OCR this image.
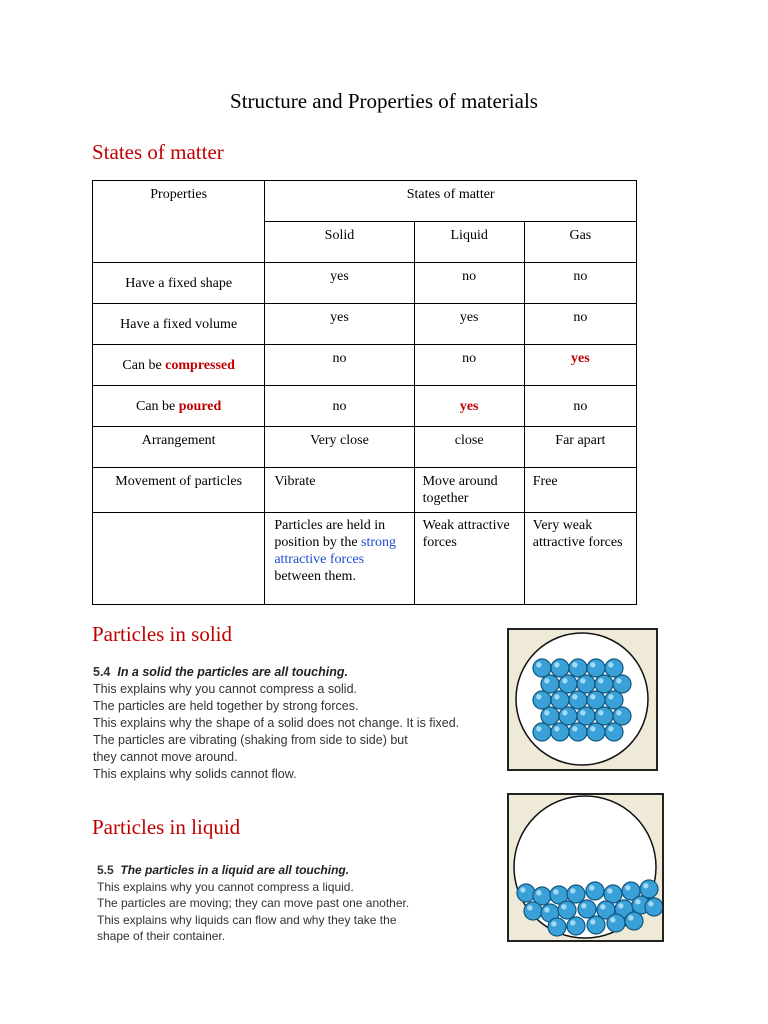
Structure and Properties of materials
States of matter
Properties	States of matter		
	Solid	Liquid	Gas
Have a fixed shape	yes	no	no
Have a fixed volume	yes	yes	no
Can be compressed	no	no	yes
Can be poured	no	yes	no
Arrangement	Very close	close	Far apart
Movement of particles	Vibrate	Move around together	Free
	Particles are held in position by the strong attractive forces between them.	Weak attractive forces	Very weak attractive forces
Particles in solid
5.4 In a solid the particles are all touching.
This explains why you cannot compress a solid.
The particles are held together by strong forces.
This explains why the shape of a solid does not change. It is fixed.
The particles are vibrating (shaking from side to side) but
they cannot move around.
This explains why solids cannot flow.
Particles in liquid
5.5 The particles in a liquid are all touching.
This explains why you cannot compress a liquid.
The particles are moving; they can move past one another.
This explains why liquids can flow and why they take the
shape of their container.
